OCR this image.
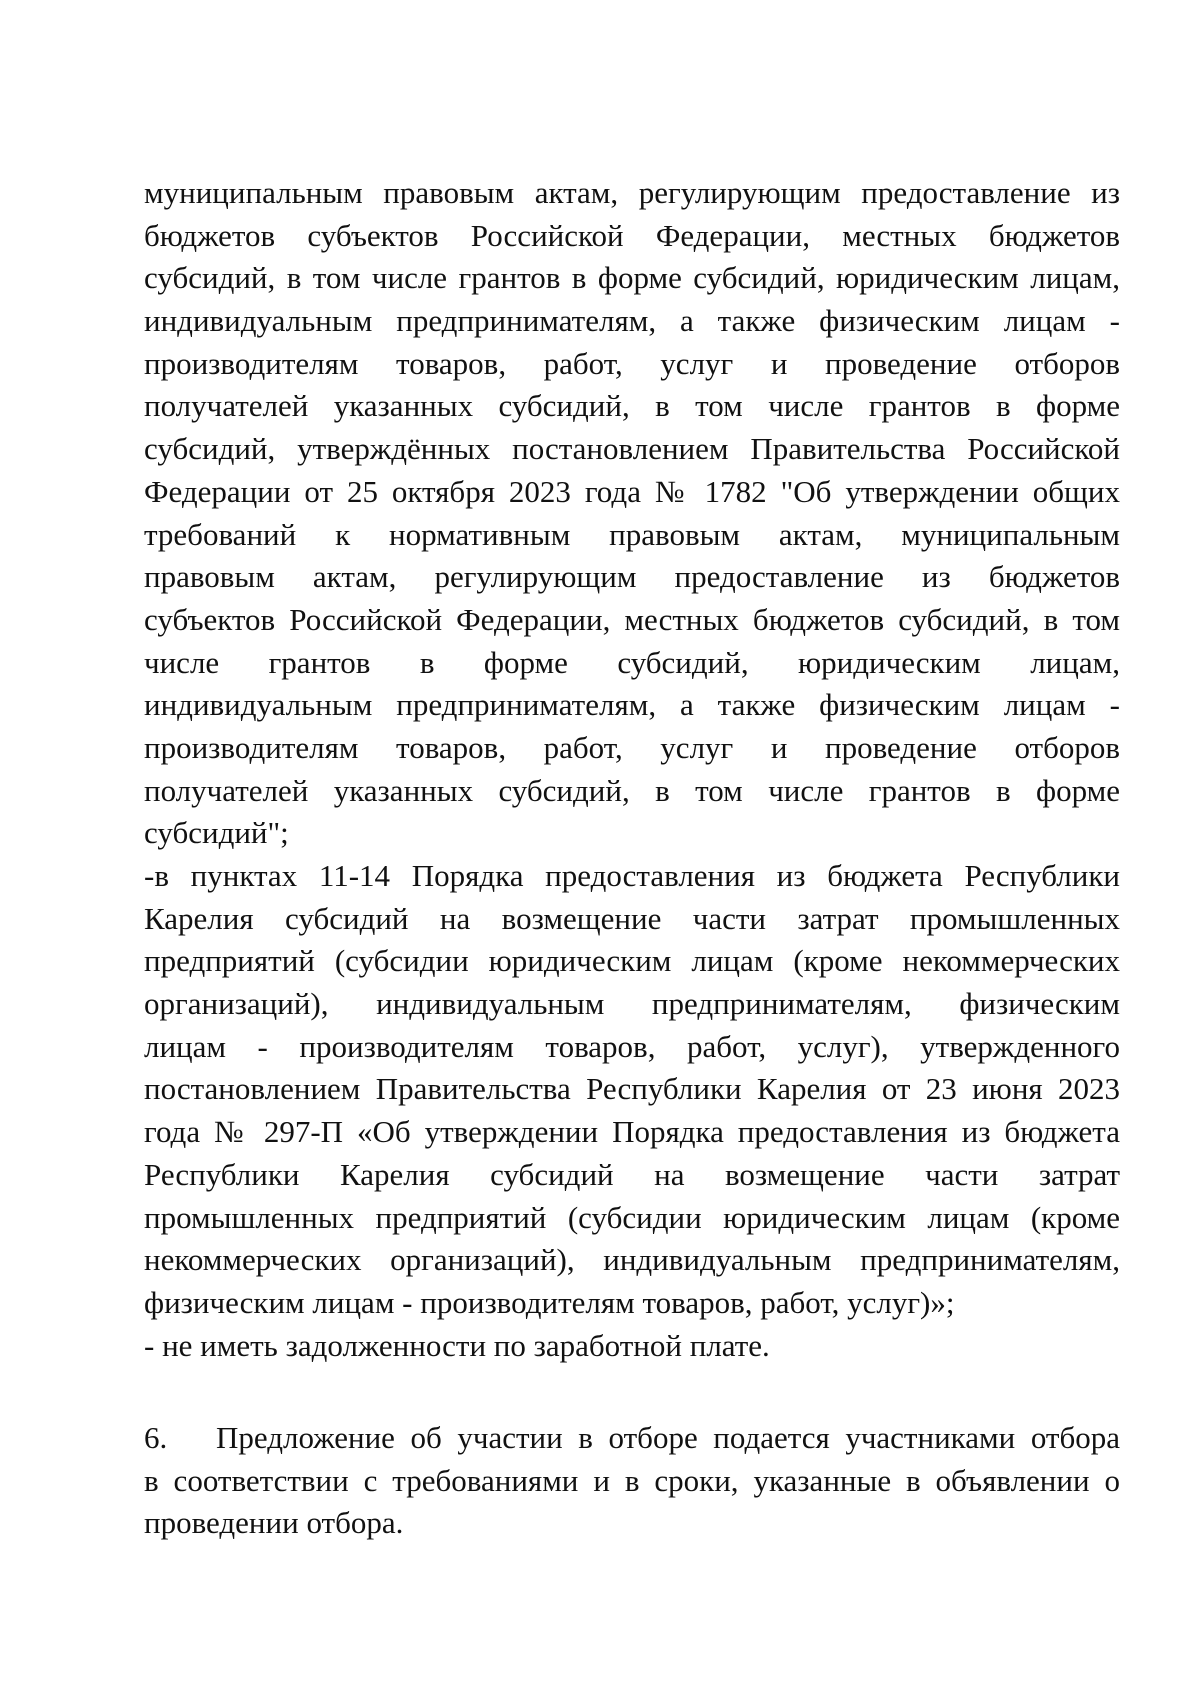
муниципальным правовым актам, регулирующим предоставление из
бюджетов субъектов Российской Федерации, местных бюджетов
субсидий, в том числе грантов в форме субсидий, юридическим лицам,
индивидуальным предпринимателям, а также физическим лицам -
производителям товаров, работ, услуг и проведение отборов
получателей указанных субсидий, в том числе грантов в форме
субсидий, утверждённых постановлением Правительства Российской
Федерации от 25 октября 2023 года № 1782 "Об утверждении общих
требований к нормативным правовым актам, муниципальным
правовым актам, регулирующим предоставление из бюджетов
субъектов Российской Федерации, местных бюджетов субсидий, в том
числе грантов в форме субсидий, юридическим лицам,
индивидуальным предпринимателям, а также физическим лицам -
производителям товаров, работ, услуг и проведение отборов
получателей указанных субсидий, в том числе грантов в форме
субсидий";
-в пунктах 11-14 Порядка предоставления из бюджета Республики
Карелия субсидий на возмещение части затрат промышленных
предприятий (субсидии юридическим лицам (кроме некоммерческих
организаций), индивидуальным предпринимателям, физическим
лицам - производителям товаров, работ, услуг), утвержденного
постановлением Правительства Республики Карелия от 23 июня 2023
года № 297-П «Об утверждении Порядка предоставления из бюджета
Республики Карелия субсидий на возмещение части затрат
промышленных предприятий (субсидии юридическим лицам (кроме
некоммерческих организаций), индивидуальным предпринимателям,
физическим лицам - производителям товаров, работ, услуг)»;
- не иметь задолженности по заработной плате.
6. Предложение об участии в отборе подается участниками отбора
в соответствии с требованиями и в сроки, указанные в объявлении о
проведении отбора.
